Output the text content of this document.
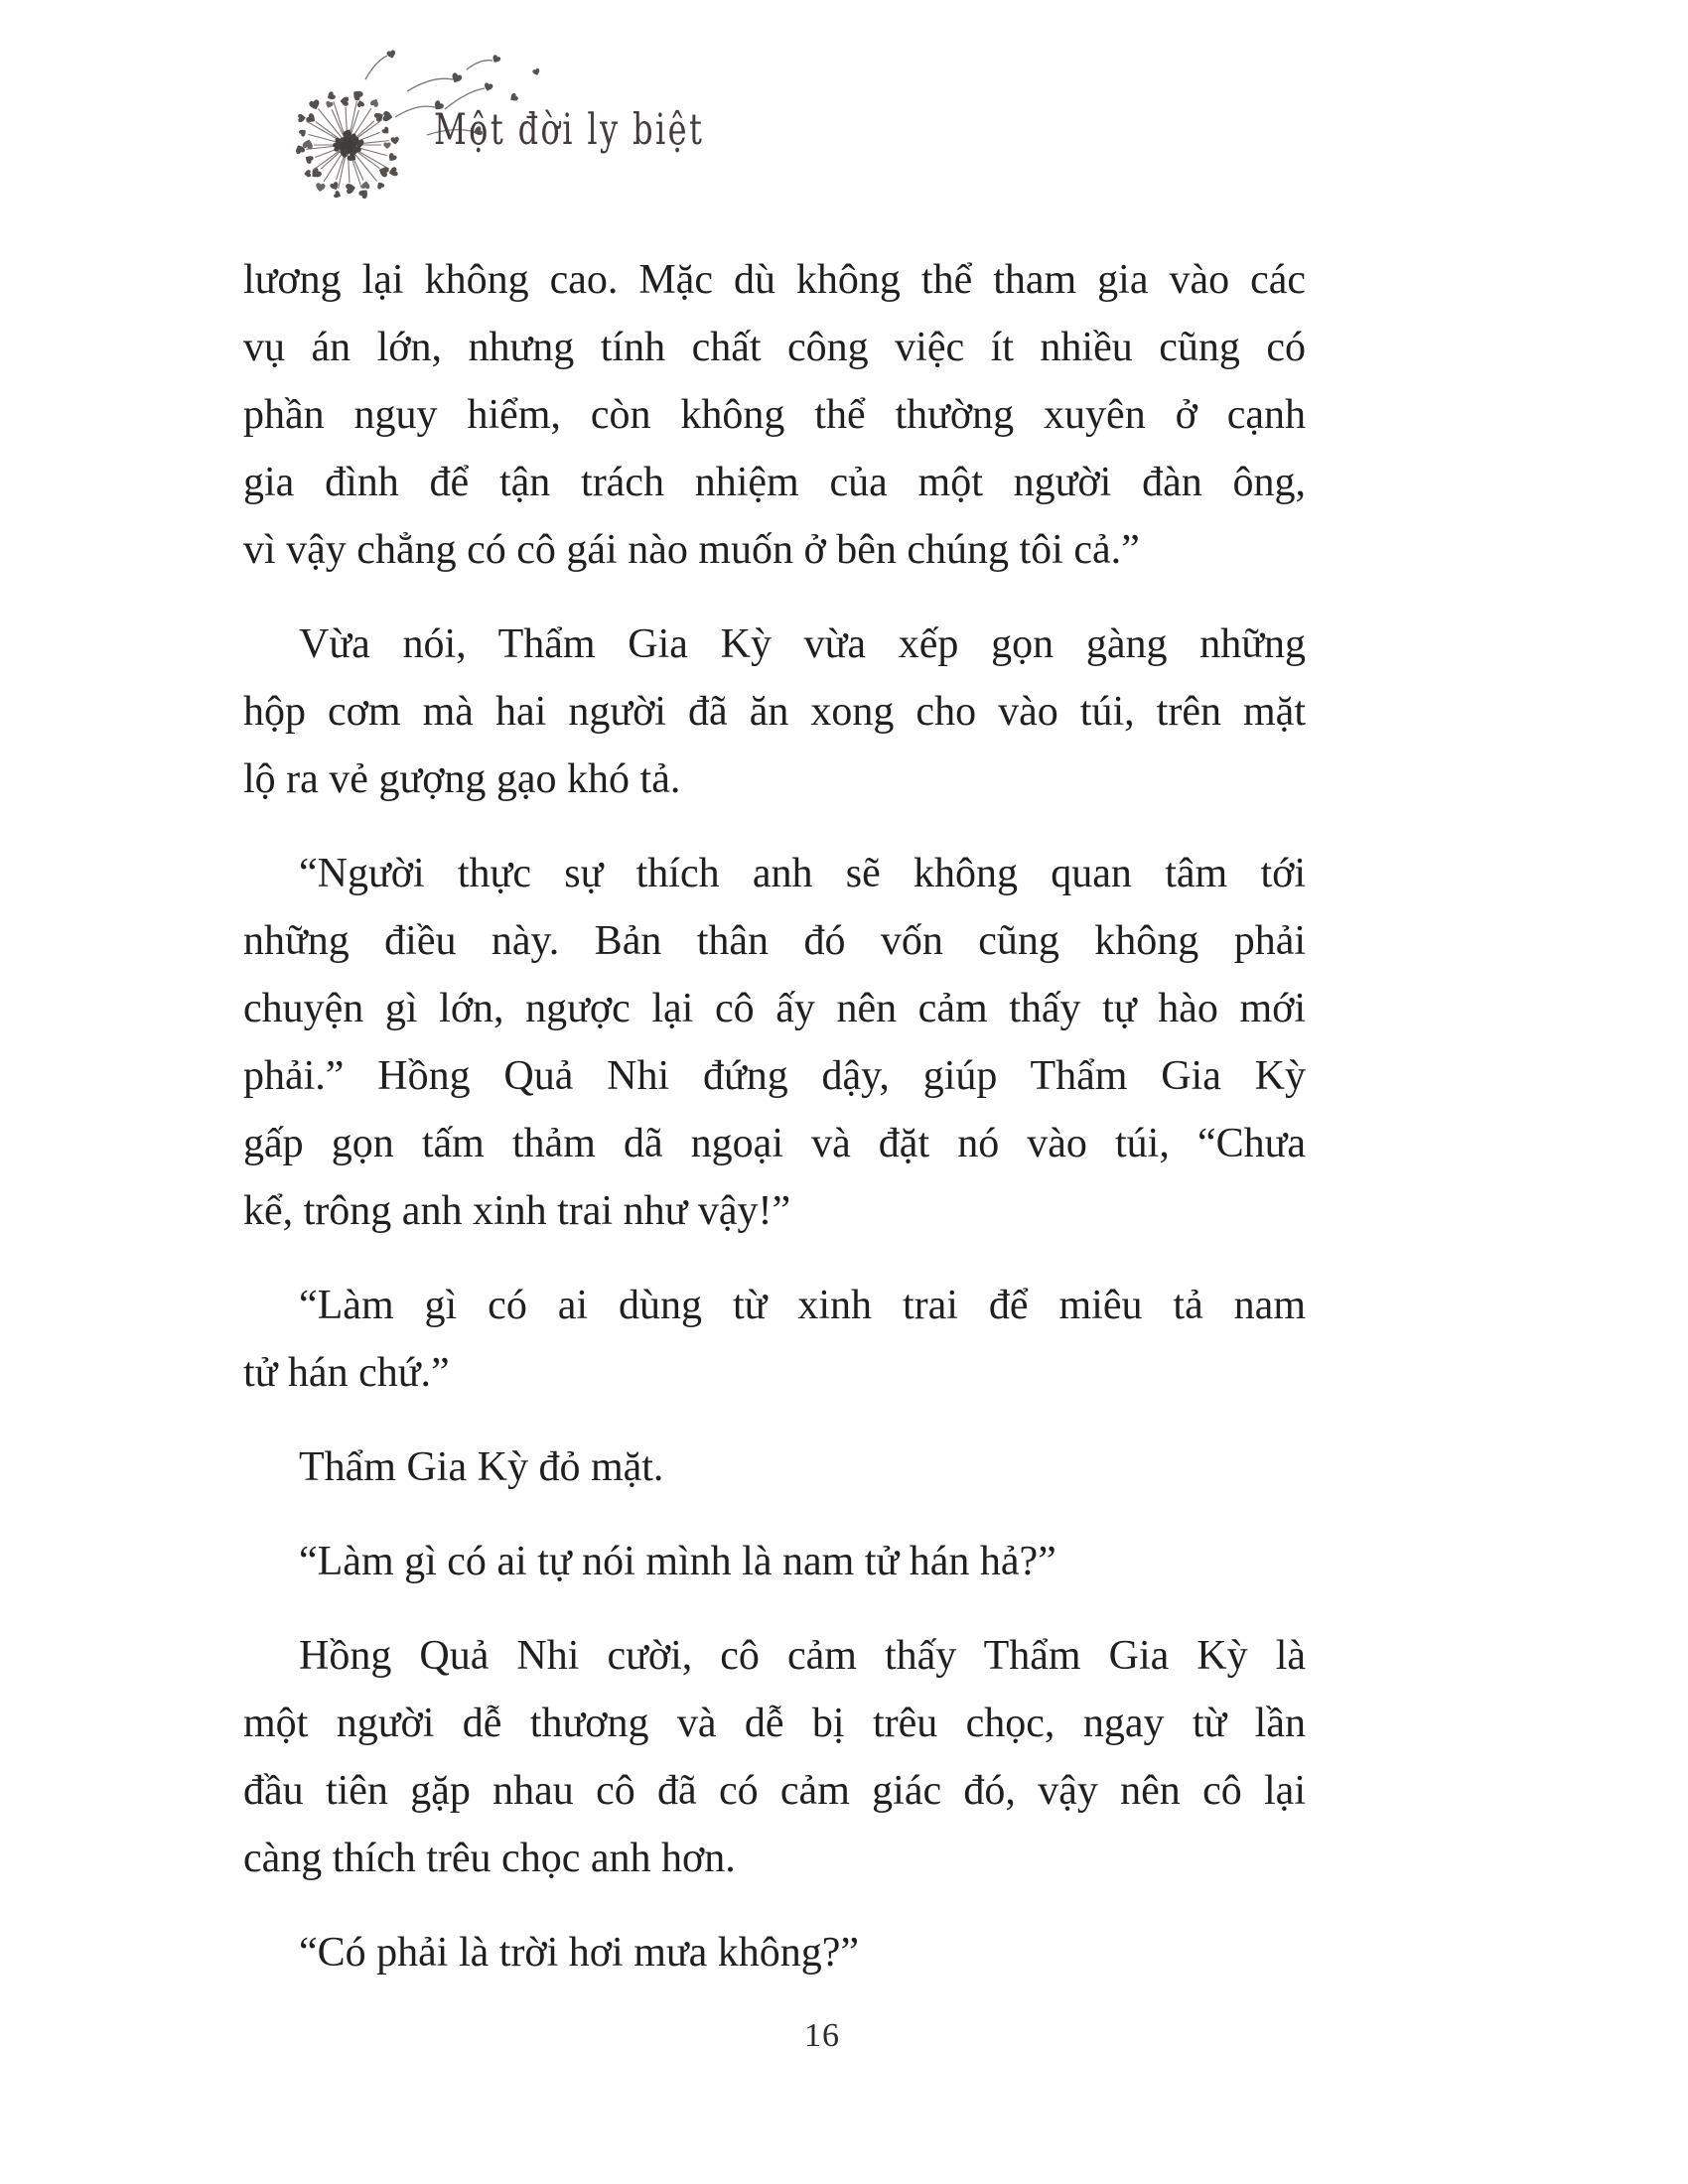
Một đời ly biệt
lương lại không cao. Mặc dù không thể tham gia vào các
vụ án lớn, nhưng tính chất công việc ít nhiều cũng có
phần nguy hiểm, còn không thể thường xuyên ở cạnh
gia đình để tận trách nhiệm của một người đàn ông,
vì vậy chẳng có cô gái nào muốn ở bên chúng tôi cả.”
Vừa nói, Thẩm Gia Kỳ vừa xếp gọn gàng những
hộp cơm mà hai người đã ăn xong cho vào túi, trên mặt
lộ ra vẻ gượng gạo khó tả.
“Người thực sự thích anh sẽ không quan tâm tới
những điều này. Bản thân đó vốn cũng không phải
chuyện gì lớn, ngược lại cô ấy nên cảm thấy tự hào mới
phải.” Hồng Quả Nhi đứng dậy, giúp Thẩm Gia Kỳ
gấp gọn tấm thảm dã ngoại và đặt nó vào túi, “Chưa
kể, trông anh xinh trai như vậy!”
“Làm gì có ai dùng từ xinh trai để miêu tả nam
tử hán chứ.”
Thẩm Gia Kỳ đỏ mặt.
“Làm gì có ai tự nói mình là nam tử hán hả?”
Hồng Quả Nhi cười, cô cảm thấy Thẩm Gia Kỳ là
một người dễ thương và dễ bị trêu chọc, ngay từ lần
đầu tiên gặp nhau cô đã có cảm giác đó, vậy nên cô lại
càng thích trêu chọc anh hơn.
“Có phải là trời hơi mưa không?”
16
